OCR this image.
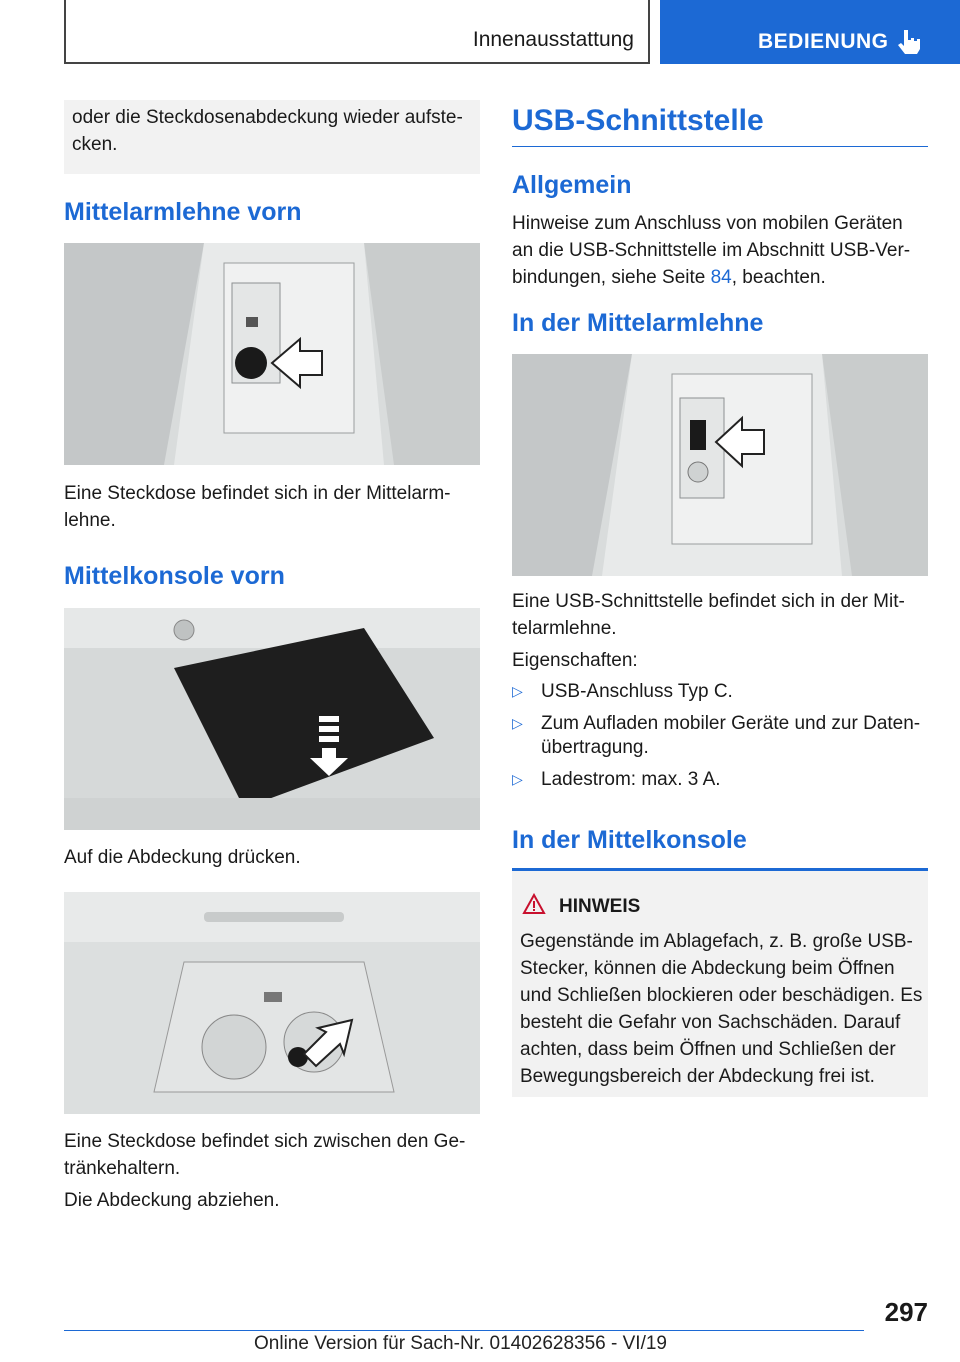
Innenausstattung	BEDIENUNG

oder die Steckdosenabdeckung wieder aufste-

cken.

Mittelarmlehne vorn

Eine Steckdose befindet sich in der Mittelarm-

lehne.

Mittelkonsole vorn

Auf die Abdeckung drücken.

Eine Steckdose befindet sich zwischen den Ge-

tränkehaltern.

Die Abdeckung abziehen.

USB-Schnittstelle
Allgemein

Hinweise zum Anschluss von mobilen Geräten

an die USB-Schnittstelle im Abschnitt USB-Ver-

bindungen, siehe Seite 84, beachten.

In der Mittelarmlehne

Eine USB-Schnittstelle befindet sich in der Mit-

telarmlehne.

Eigenschaften:

▷ USB-Anschluss Typ C.
▷ Zum Aufladen mobiler Geräte und zur Daten-
übertragung.
▷ Ladestrom: max. 3 A.
In der Mittelkonsole
HINWEIS

Gegenstände im Ablagefach, z. B. große USB-

Stecker, können die Abdeckung beim Öffnen

und Schließen blockieren oder beschädigen. Es

besteht die Gefahr von Sachschäden. Darauf

achten, dass beim Öffnen und Schließen der

Bewegungsbereich der Abdeckung frei ist.

297
Online Version für Sach-Nr. 01402628356 - VI/19
